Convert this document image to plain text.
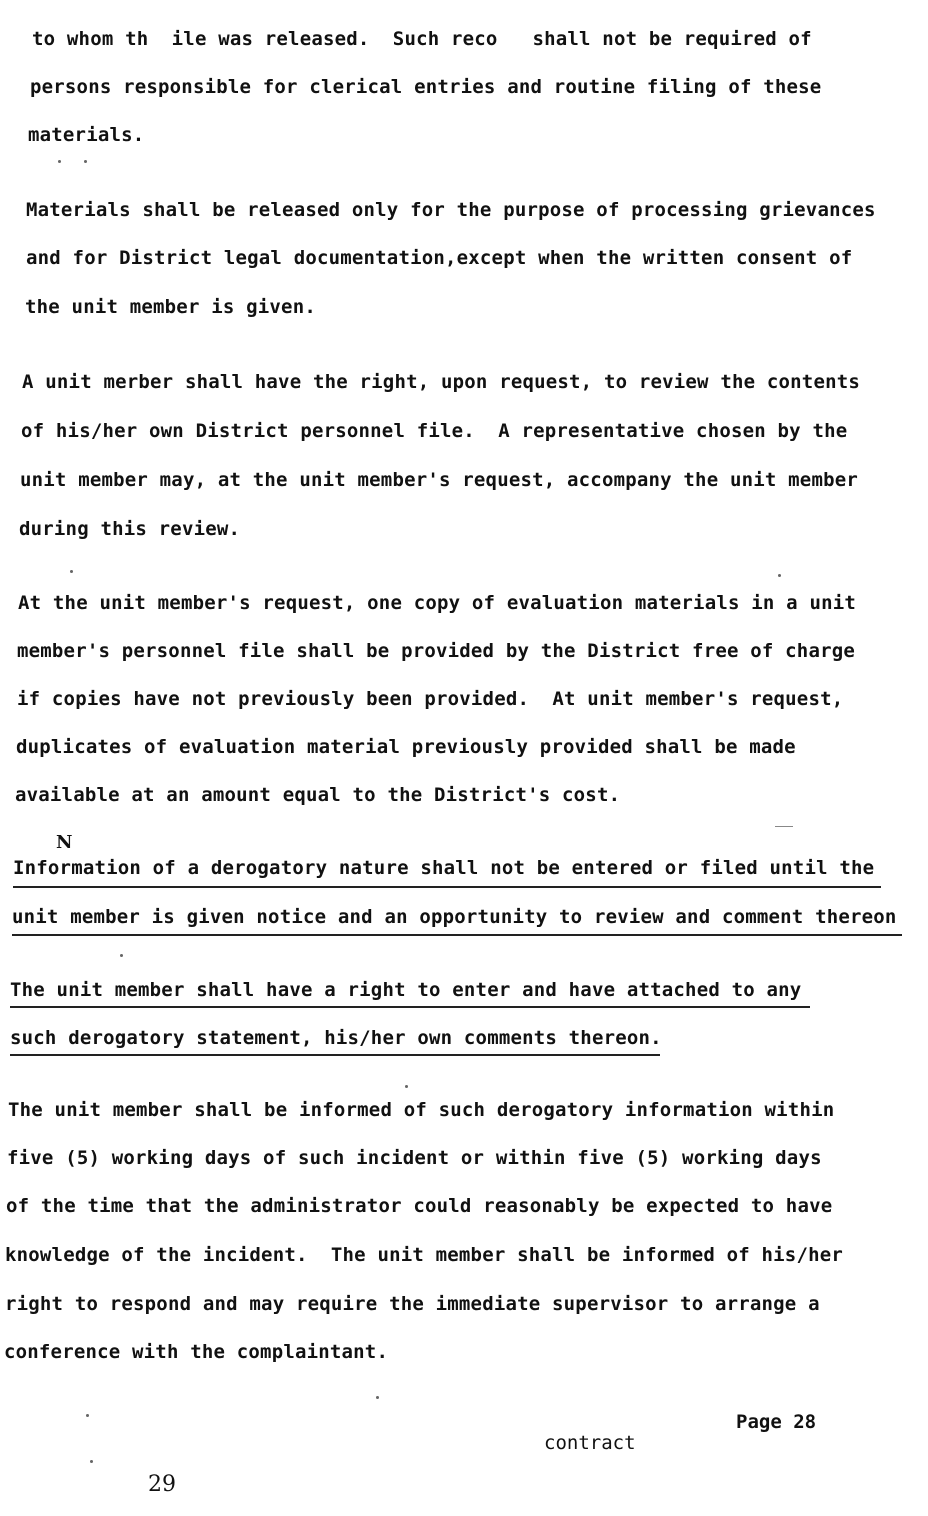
to whom th  ile was released.  Such reco   shall not be required of
persons responsible for clerical entries and routine filing of these
materials.
Materials shall be released only for the purpose of processing grievances
and for District legal documentation,except when the written consent of
the unit member is given.
A unit merber shall have the right, upon request, to review the contents
of his/her own District personnel file.  A representative chosen by the
unit member may, at the unit member's request, accompany the unit member
during this review.
At the unit member's request, one copy of evaluation materials in a unit
member's personnel file shall be provided by the District free of charge
if copies have not previously been provided.  At unit member's request,
duplicates of evaluation material previously provided shall be made
available at an amount equal to the District's cost.
N
Information of a derogatory nature shall not be entered or filed until the
unit member is given notice and an opportunity to review and comment thereon
The unit member shall have a right to enter and have attached to any
such derogatory statement, his/her own comments thereon.
The unit member shall be informed of such derogatory information within
five (5) working days of such incident or within five (5) working days
of the time that the administrator could reasonably be expected to have
knowledge of the incident.  The unit member shall be informed of his/her
right to respond and may require the immediate supervisor to arrange a
conference with the complaintant.
Page 28
contract
29
